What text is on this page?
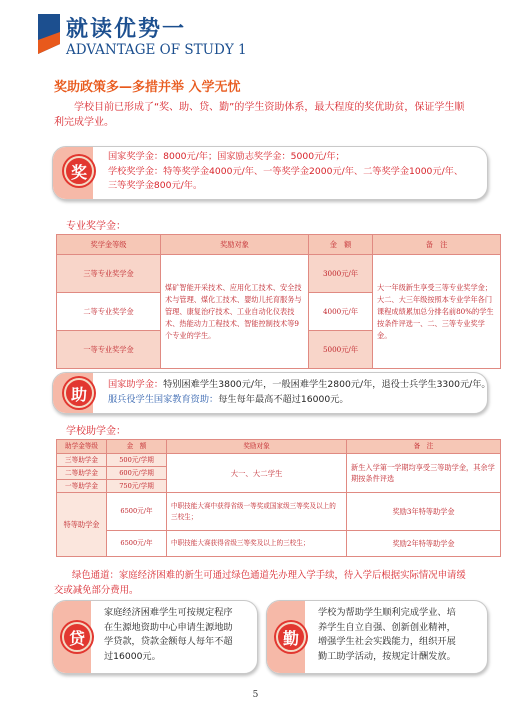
就读优势一
ADVANTAGE OF STUDY 1
奖助政策多—多措并举 入学无忧
学校目前已形成了“奖、助、贷、勤”的学生资助体系，最大程度的奖优助贫，保证学生顺利完成学业。
奖
国家奖学金：8000元/年；国家励志奖学金：5000元/年；
学校奖学金：特等奖学金4000元/年、一等奖学金2000元/年、二等奖学金1000元/年、
三等奖学金800元/年。
专业奖学金：
奖学金等级	奖励对象	金　额	备　注
三等专业奖学金	煤矿智能开采技术、应用化工技术、安全技术与管理、煤化工技术、婴幼儿托育服务与管理、康复治疗技术、工业自动化仪表技术、热能动力工程技术、智能控制技术等9个专业的学生。	3000元/年	大一年级新生享受三等专业奖学金；大二、大三年级按照本专业学年各门课程成绩累加总分排名前80%的学生按条件评选一、二、三等专业奖学金。
二等专业奖学金		4000元/年	
一等专业奖学金		5000元/年	
助	国家助学金：特别困难学生3800元/年，一般困难学生2800元/年，退役士兵学生3300元/年。
服兵役学生国家教育资助：每生每年最高不超过16000元。
学校助学金：
助学金等级	金　额	奖励对象	备　注
三等助学金	500元/学期	大一、大二学生	新生入学第一学期均享受三等助学金，其余学期按条件评选
二等助学金	600元/学期		
一等助学金	750元/学期		
特等助学金	6500元/年	中职技能大赛中获得省级一等奖或国家级三等奖及以上的三校生；	奖励3年特等助学金
	6500元/年	中职技能大赛获得省级三等奖及以上的三校生；	奖励2年特等助学金
绿色通道：家庭经济困难的新生可通过绿色通道先办理入学手续，待入学后根据实际情况申请缓交或减免部分费用。
贷
家庭经济困难学生可按规定程序
在生源地资助中心申请生源地助
学贷款，贷款金额每人每年不超
过16000元。
勤
学校为帮助学生顺利完成学业、培
养学生自立自强、创新创业精神，
增强学生社会实践能力，组织开展
勤工助学活动，按规定计酬发放。
5
